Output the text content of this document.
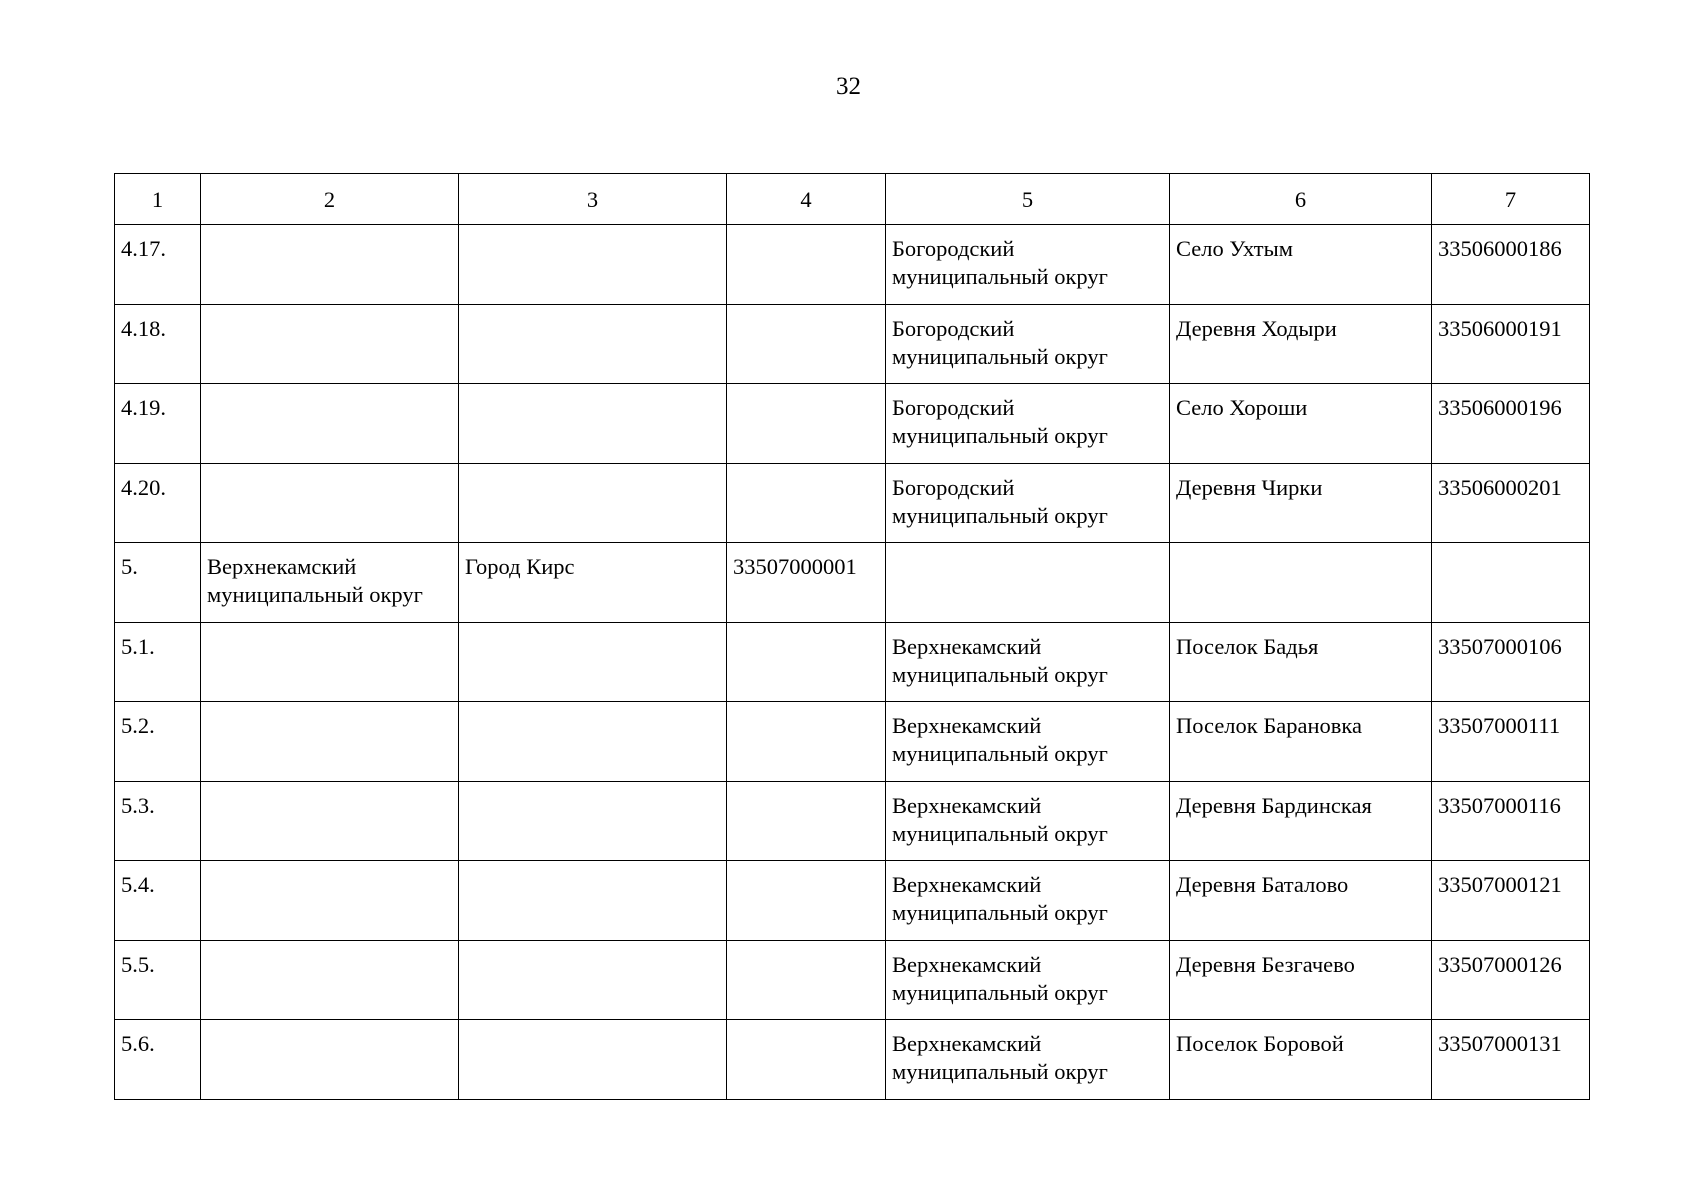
32
1	2	3	4	5	6	7
4.17.				Богородский муниципальный округ	Село Ухтым	33506000186
4.18.				Богородский муниципальный округ	Деревня Ходыри	33506000191
4.19.				Богородский муниципальный округ	Село Хороши	33506000196
4.20.				Богородский муниципальный округ	Деревня Чирки	33506000201
5.	Верхнекамский муниципальный округ	Город Кирс	33507000001			
5.1.				Верхнекамский муниципальный округ	Поселок Бадья	33507000106
5.2.				Верхнекамский муниципальный округ	Поселок Барановка	33507000111
5.3.				Верхнекамский муниципальный округ	Деревня Бардинская	33507000116
5.4.				Верхнекамский муниципальный округ	Деревня Баталово	33507000121
5.5.				Верхнекамский муниципальный округ	Деревня Безгачево	33507000126
5.6.				Верхнекамский муниципальный округ	Поселок Боровой	33507000131
